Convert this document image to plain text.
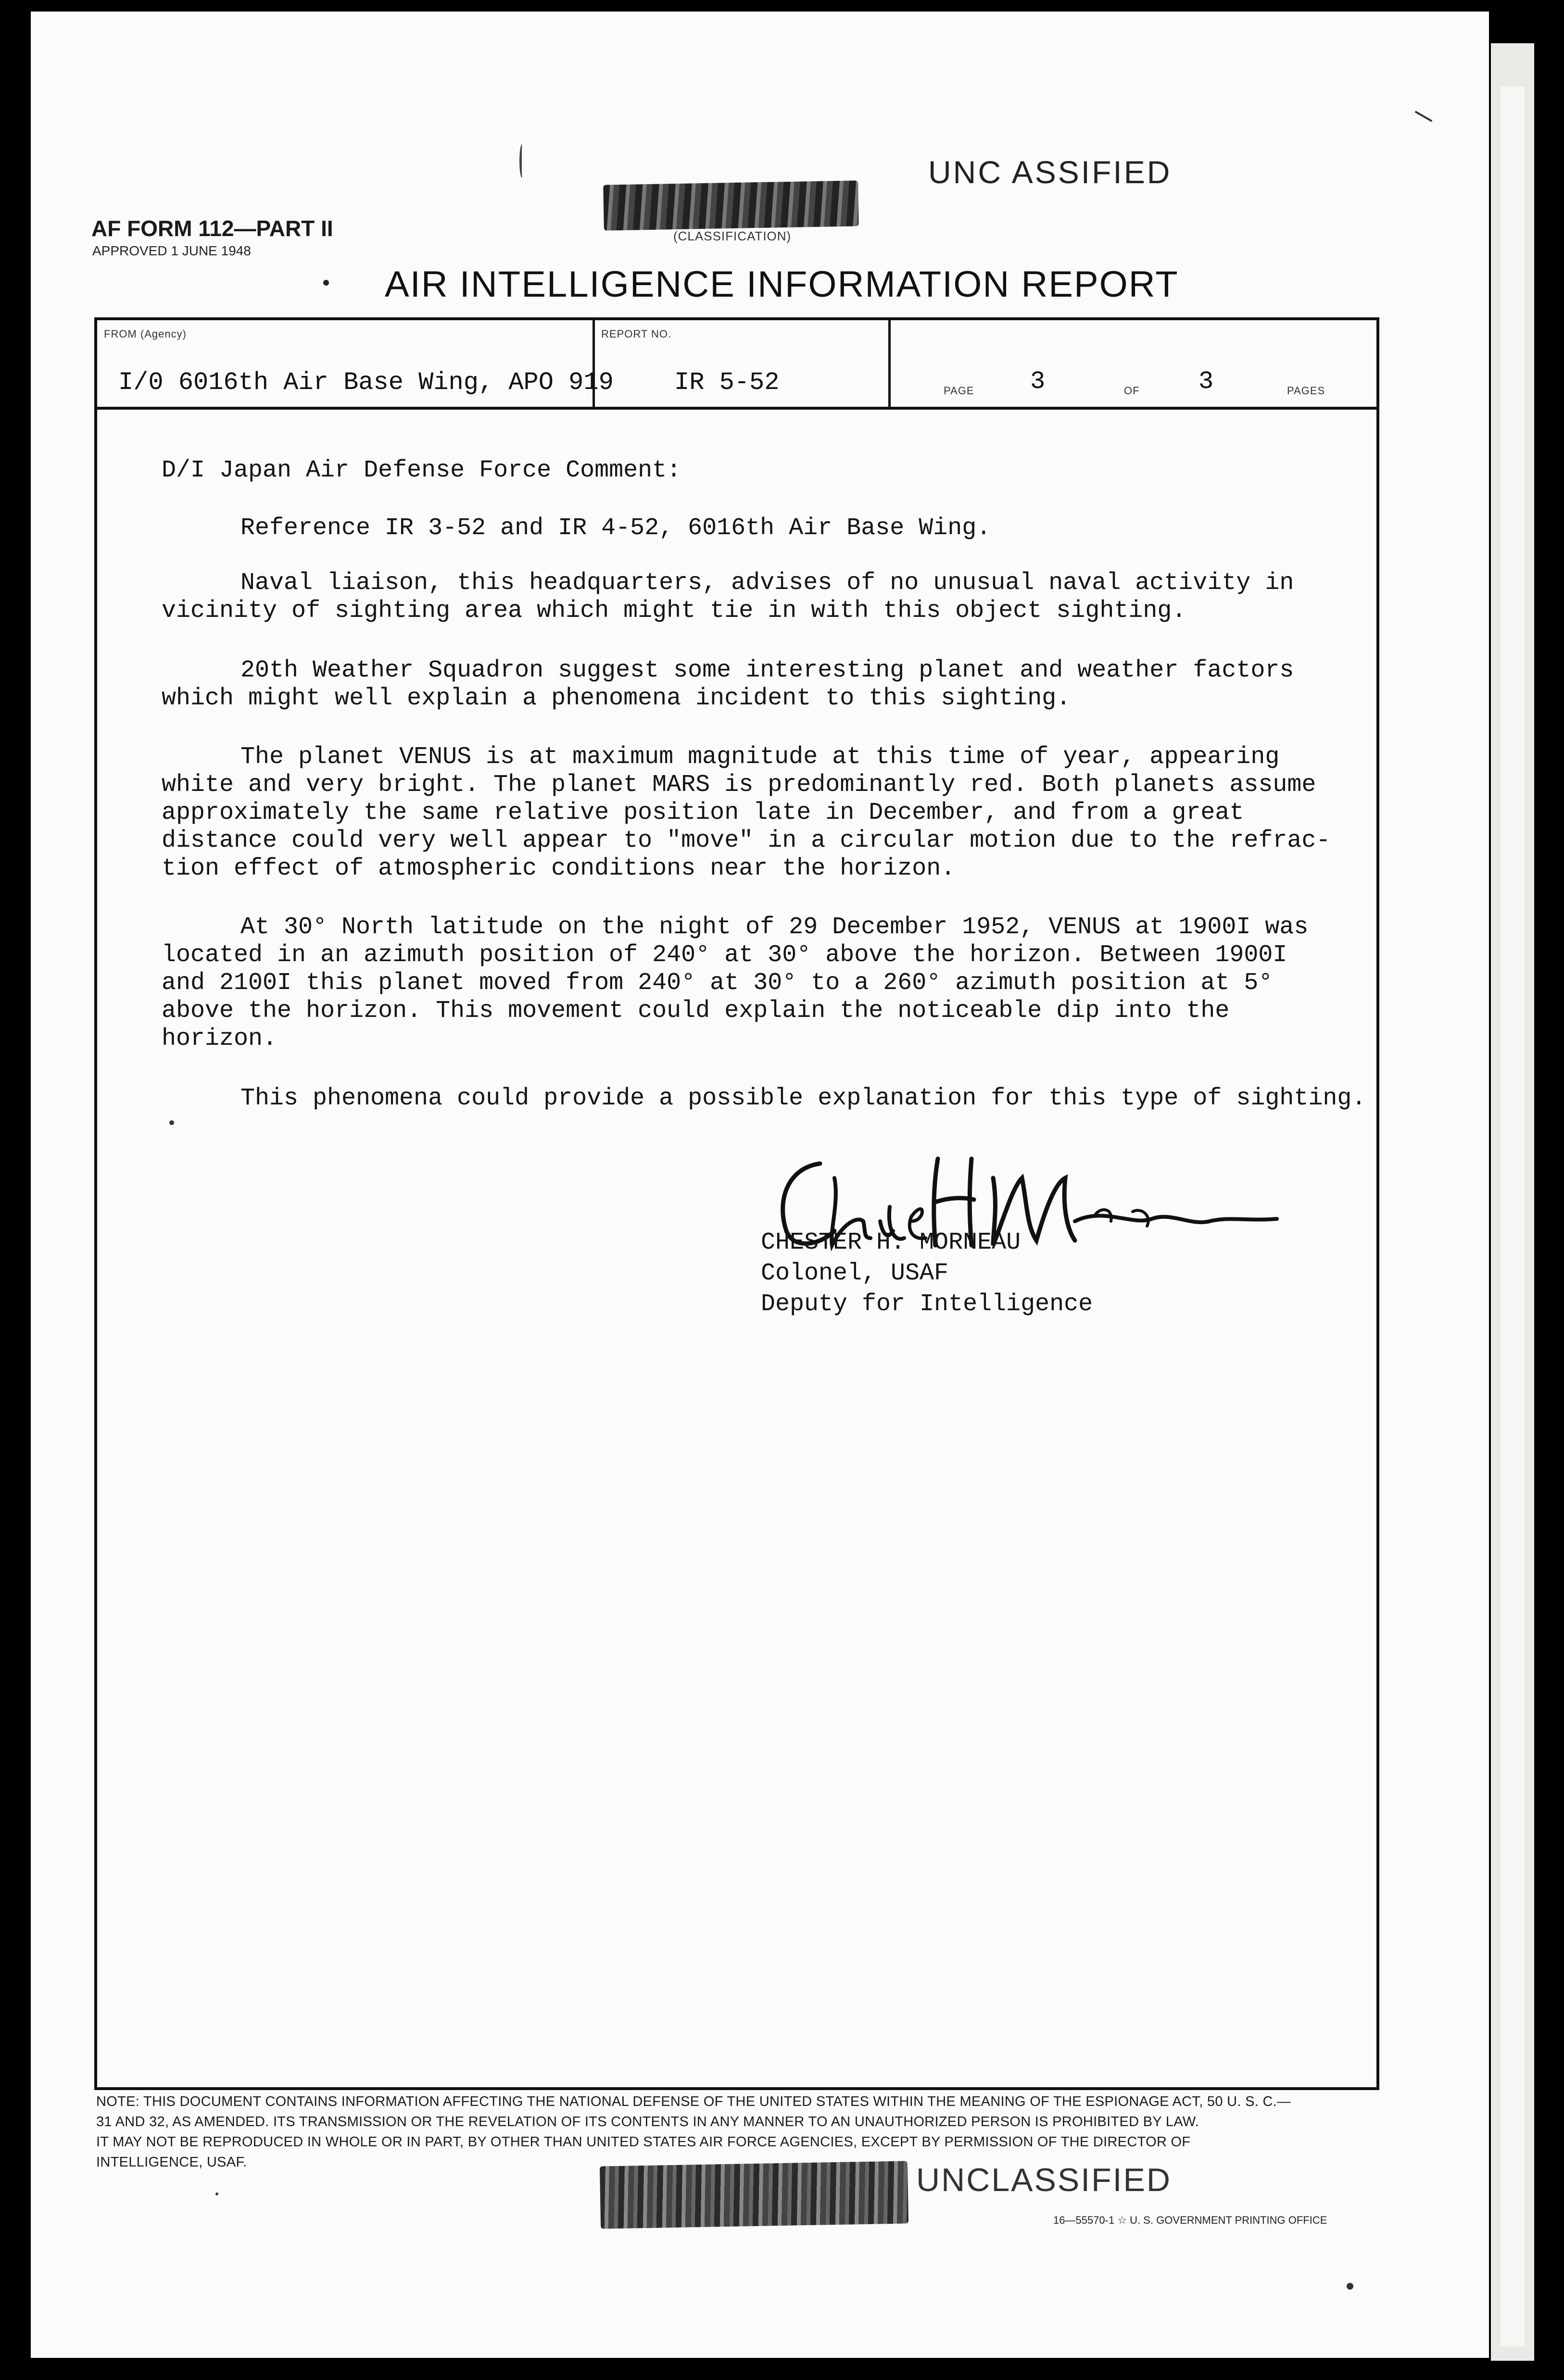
UNC ASSIFIED
(CLASSIFICATION)
AF FORM 112—PART II
APPROVED 1 JUNE 1948
AIR INTELLIGENCE INFORMATION REPORT
FROM (Agency)
I/0 6016th Air Base Wing, APO 919
REPORT NO.
IR 5-52	PAGE 3	OF 3	PAGES
D/I Japan Air Defense Force Comment:
Reference IR 3-52 and IR 4-52, 6016th Air Base Wing.
Naval liaison, this headquarters, advises of no unusual naval activity in
vicinity of sighting area which might tie in with this object sighting.
20th Weather Squadron suggest some interesting planet and weather factors
which might well explain a phenomena incident to this sighting.
The planet VENUS is at maximum magnitude at this time of year, appearing
white and very bright. The planet MARS is predominantly red. Both planets assume
approximately the same relative position late in December, and from a great
distance could very well appear to "move" in a circular motion due to the refrac-
tion effect of atmospheric conditions near the horizon.
At 30° North latitude on the night of 29 December 1952, VENUS at 1900I was
located in an azimuth position of 240° at 30° above the horizon. Between 1900I
and 2100I this planet moved from 240° at 30° to a 260° azimuth position at 5°
above the horizon. This movement could explain the noticeable dip into the
horizon.
This phenomena could provide a possible explanation for this type of sighting.
CHESTER H. MORNEAU
Colonel, USAF
Deputy for Intelligence
NOTE: THIS DOCUMENT CONTAINS INFORMATION AFFECTING THE NATIONAL DEFENSE OF THE UNITED STATES WITHIN THE MEANING OF THE ESPIONAGE ACT, 50 U. S. C.—
31 AND 32, AS AMENDED. ITS TRANSMISSION OR THE REVELATION OF ITS CONTENTS IN ANY MANNER TO AN UNAUTHORIZED PERSON IS PROHIBITED BY LAW.
IT MAY NOT BE REPRODUCED IN WHOLE OR IN PART, BY OTHER THAN UNITED STATES AIR FORCE AGENCIES, EXCEPT BY PERMISSION OF THE DIRECTOR OF
INTELLIGENCE, USAF.	UNCLASSIFIED
16—55570-1 ☆ U. S. GOVERNMENT PRINTING OFFICE
